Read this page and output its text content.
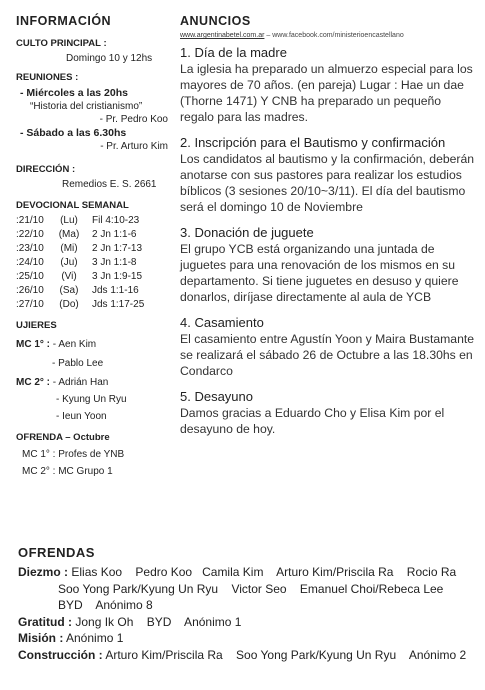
INFORMACIÓN
CULTO PRINCIPAL :
Domingo 10 y 12hs
REUNIONES :
- Miércoles a las 20hs
“Historia del cristianismo”
- Pr. Pedro Koo
- Sábado a las 6.30hs
- Pr. Arturo Kim
DIRECCIÓN :
Remedios E. S. 2661
DEVOCIONAL SEMANAL
:21/10	(Lu)	Fil 4:10-23
:22/10	(Ma)	2 Jn 1:1-6
:23/10	(Mi)	2 Jn 1:7-13
:24/10	(Ju)	3 Jn 1:1-8
:25/10	(Vi)	3 Jn 1:9-15
:26/10	(Sa)	Jds 1:1-16
:27/10	(Do)	Jds 1:17-25
UJIERES
MC 1° : - Aen Kim
- Pablo Lee
MC 2° : - Adrián Han
- Kyung Un Ryu
- Ieun Yoon
OFRENDA – Octubre
MC 1° : Profes de YNB
MC 2° : MC Grupo 1
ANUNCIOS
www.argentinabetel.com.ar – www.facebook.com/ministerioencastellano
1. Día de la madre

La iglesia ha preparado un almuerzo especial para los mayores de 70 años. (en pareja) Lugar : Hae un dae (Thorne 1471) Y CNB ha preparado un pequeño regalo para las madres.

2. Inscripción para el Bautismo y confirmación

Los candidatos al bautismo y la confirmación, deberán anotarse con sus pastores para realizar los estudios bíblicos (3 sesiones 20/10~3/11). El día del bautismo será el domingo 10 de Noviembre

3. Donación de juguete

El grupo YCB está organizando una juntada de juguetes para una renovación de los mismos en su departamento. Si tiene juguetes en desuso y quiere donarlos, diríjase directamente al aula de YCB

4. Casamiento

El casamiento entre Agustín Yoon y Maira Bustamante se realizará el sábado 26 de Octubre a las 18.30hs en Condarco

5. Desayuno

Damos gracias a Eduardo Cho y Elisa Kim por el desayuno de hoy.

OFRENDAS

Diezmo : Elias Koo    Pedro Koo   Camila Kim    Arturo Kim/Priscila Ra    Rocio Ra

Soo Yong Park/Kyung Un Ryu    Victor Seo    Emanuel Choi/Rebeca Lee

BYD    Anónimo 8

Gratitud : Jong Ik Oh    BYD    Anónimo 1

Misión : Anónimo 1

Construcción : Arturo Kim/Priscila Ra    Soo Yong Park/Kyung Un Ryu    Anónimo 2
